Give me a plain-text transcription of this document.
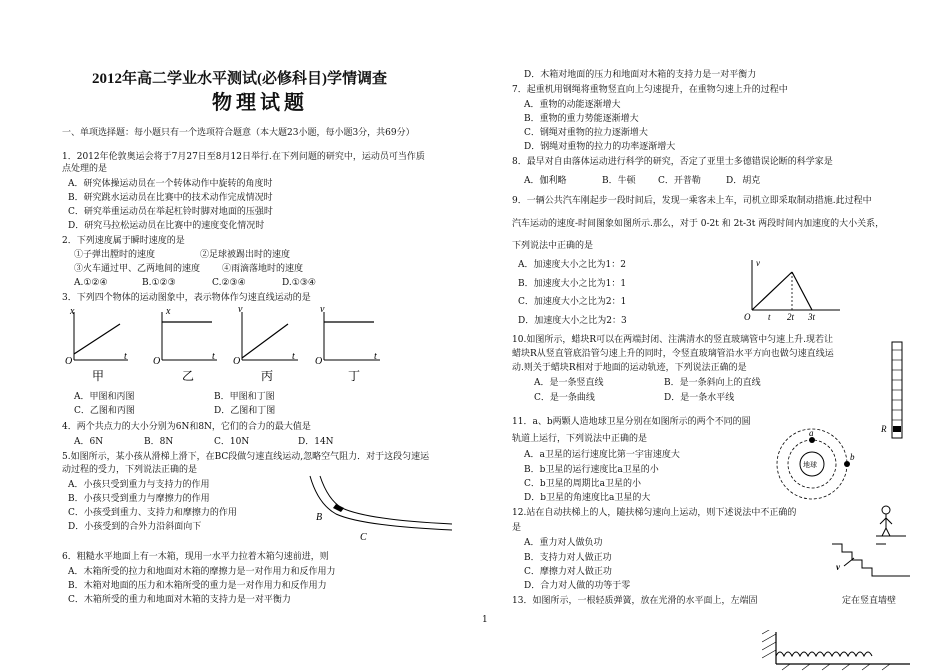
2012年高二学业水平测试(必修科目)学情调查
物理试题
一、单项选择题：每小题只有一个选项符合题意（本大题23小题，每小题3分，共69分）
1．2012年伦敦奥运会将于7月27日至8月12日举行.在下列问题的研究中，运动员可当作质
点处理的是
A．研究体操运动员在一个转体动作中旋转的角度时
B．研究跳水运动员在比赛中的技术动作完成情况时
C．研究举重运动员在举起杠铃时脚对地面的压强时
D．研究马拉松运动员在比赛中的速度变化情况时
2．下列速度属于瞬时速度的是
①子弹出膛时的速度	②足球被踢出时的速度
③火车通过甲、乙两地间的速度 ④雨滴落地时的速度
A.①②④	B.①②③	C.②③④	D.①③④
3．下列四个物体的运动图象中，表示物体作匀速直线运动的是
x
t
O
甲
x
t
O
乙
v
t
O
丙
v
t
O
丁
A．甲图和丙图	B．甲图和丁图
C．乙图和丙图	D．乙图和丁图
4．两个共点力的大小分别为6N和8N，它们的合力的最大值是
A．6N	B．8N	C．10N	D．14N
5.如图所示，某小孩从滑梯上滑下，在BC段做匀速直线运动,忽略空气阻力．对于这段匀速运
动过程的受力，下列说法正确的是
A．小孩只受到重力与支持力的作用
B．小孩只受到重力与摩擦力的作用
C．小孩受到重力、支持力和摩擦力的作用
D．小孩受到的合外力沿斜面向下
B
C
6．粗糙水平地面上有一木箱，现用一水平力拉着木箱匀速前进，则
A．木箱所受的拉力和地面对木箱的摩擦力是一对作用力和反作用力
B．木箱对地面的压力和木箱所受的重力是一对作用力和反作用力
C．木箱所受的重力和地面对木箱的支持力是一对平衡力
D．木箱对地面的压力和地面对木箱的支持力是一对平衡力
7．起重机用钢绳将重物竖直向上匀速提升，在重物匀速上升的过程中
A．重物的动能逐渐增大
B．重物的重力势能逐渐增大
C．钢绳对重物的拉力逐渐增大
D．钢绳对重物的拉力的功率逐渐增大
8．最早对自由落体运动进行科学的研究，否定了亚里士多德错误论断的科学家是
A．伽利略	B．牛顿 C．开普勒	D．胡克
9．一辆公共汽车刚起步一段时间后，发现一乘客未上车，司机立即采取制动措施.此过程中
汽车运动的速度-时间图象如图所示.那么，对于 0-2t 和 2t-3t 两段时间内加速度的大小关系，
下列说法中正确的是
A．加速度大小之比为1：2
B．加速度大小之比为1：1
C．加速度大小之比为2：1
D．加速度大小之比为2：3
v
O t 2t 3t
10.如图所示，蜡块R可以在两端封闭、注满清水的竖直玻璃管中匀速上升.现若让
蜡块R从竖直管底沿管匀速上升的同时，令竖直玻璃管沿水平方向也做匀速直线运
动.则关于蜡块R相对于地面的运动轨迹，下列说法正确的是
A．是一条竖直线	B．是一条斜向上的直线
C．是一条曲线	D．是一条水平线
R
11．a、b两颗人造地球卫星分别在如图所示的两个不同的圆
轨道上运行，下列说法中正确的是
A．a卫星的运行速度比第一宇宙速度大
B．b卫星的运行速度比a卫星的小
C．b卫星的周期比a卫星的小
D．b卫星的角速度比a卫星的大
a
b
地球
12.站在自动扶梯上的人，随扶梯匀速向上运动，则下述说法中不正确的
是
A．重力对人做负功
B．支持力对人做正功
C．摩擦力对人做正功
D．合力对人做的功等于零
v
13．如图所示，一根轻质弹簧，放在光滑的水平面上，左端固	定在竖直墙壁
1
